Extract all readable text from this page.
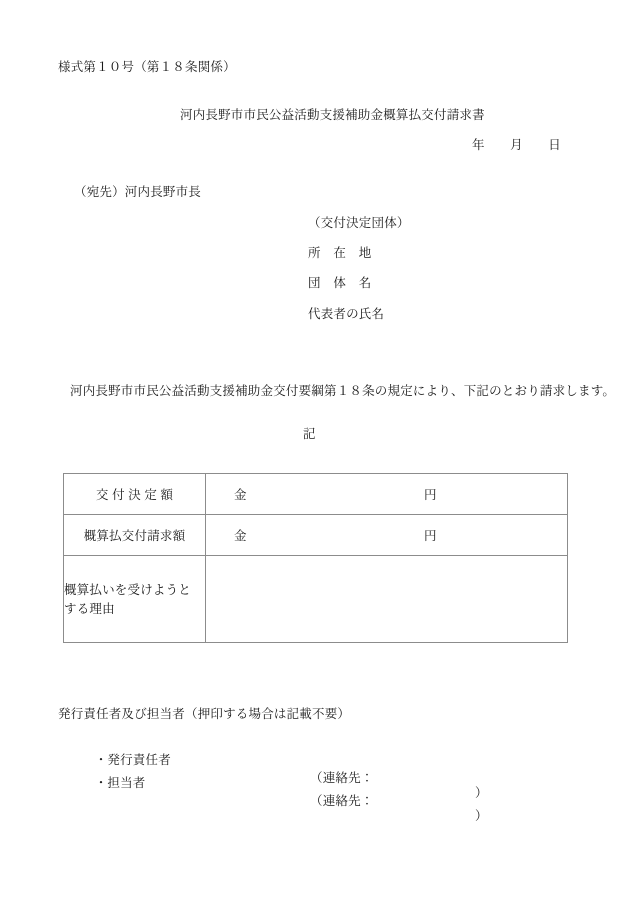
様式第１０号（第１８条関係）
河内長野市市民公益活動支援補助金概算払交付請求書
年　　月　　日
（宛先）河内長野市長
（交付決定団体）
所　在　地
団　体　名
代表者の氏名
河内長野市市民公益活動支援補助金交付要綱第１８条の規定により、下記のとおり請求します。
記
交付決定額	金 円

概算払交付請求額	金 円

概算払いを受けようと する理由	
発行責任者及び担当者（押印する場合は記載不要）

・発行責任者

（連絡先：

）

・担当者

（連絡先：

）
